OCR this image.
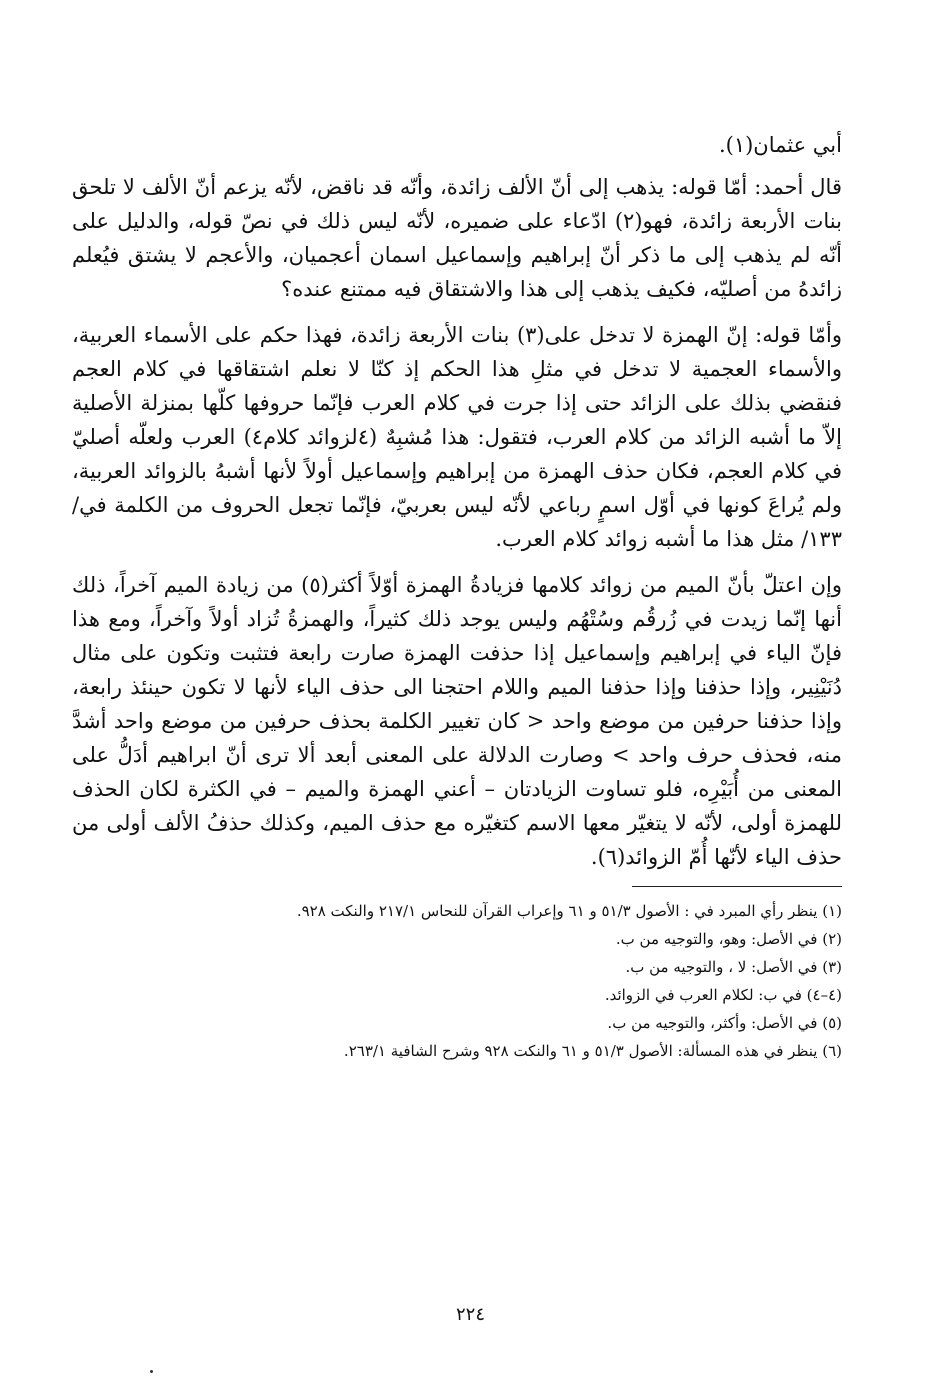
أبي عثمان(١).

قال أحمد: أمّا قوله: يذهب إلى أنّ الألف زائدة، وأنّه قد ناقض، لأنّه يزعم أنّ الألف لا تلحق بنات الأربعة زائدة، فهو(٢) ادّعاء على ضميره، لأنّه ليس ذلك في نصّ قوله، والدليل على أنّه لم يذهب إلى ما ذكر أنّ إبراهيم وإسماعيل اسمان أعجميان، والأعجم لا يشتق فيُعلم زائدهُ من أصليّه، فكيف يذهب إلى هذا والاشتقاق فيه ممتنع عنده؟

وأمّا قوله: إنّ الهمزة لا تدخل على(٣) بنات الأربعة زائدة، فهذا حكم على الأسماء العربية، والأسماء العجمية لا تدخل في مثلِ هذا الحكم إذ كنّا لا نعلم اشتقاقها في كلام العجم فنقضي بذلك على الزائد حتى إذا جرت في كلام العرب فإنّما حروفها كلّها بمنزلة الأصلية إلاّ ما أشبه الزائد من كلام العرب، فتقول: هذا مُشبِهٌ (٤لزوائد كلام٤) العرب ولعلّه أصليّ في كلام العجم، فكان حذف الهمزة من إبراهيم وإسماعيل أولاً لأنها أشبهُ بالزوائد العربية، ولم يُراعَ كونها في أوّل اسمٍ رباعي لأنّه ليس بعربيّ، فإنّما تجعل الحروف من الكلمة في/١٣٣/ مثل هذا ما أشبه زوائد كلام العرب.

وإن اعتلّ بأنّ الميم من زوائد كلامها فزيادةُ الهمزة أوّلاً أكثر(٥) من زيادة الميم آخراً، ذلك أنها إنّما زيدت في زُرقُم وسُتْهُم وليس يوجد ذلك كثيراً، والهمزةُ تُزاد أولاً وآخراً، ومع هذا فإنّ الياء في إبراهيم وإسماعيل إذا حذفت الهمزة صارت رابعة فتثبت وتكون على مثال دُنَيْنِير، وإذا حذفنا وإذا حذفنا الميم واللام احتجنا الى حذف الياء لأنها لا تكون حينئذ رابعة، وإذا حذفنا حرفين من موضع واحد < كان تغيير الكلمة بحذف حرفين من موضع واحد أشدَّ منه، فحذف حرف واحد > وصارت الدلالة على المعنى أبعد ألا ترى أنّ ابراهيم أدَلُّ على المعنى من أُبَيْرِه، فلو تساوت الزيادتان – أعني الهمزة والميم – في الكثرة لكان الحذف للهمزة أولى، لأنّه لا يتغيّر معها الاسم كتغيّره مع حذف الميم، وكذلك حذفُ الألف أولى من حذف الياء لأنّها أُمّ الزوائد(٦).

(١) ينظر رأي المبرد في : الأصول ٥١/٣ و ٦١ وإعراب القرآن للنحاس ٢١٧/١ والنكت ٩٢٨.
(٢) في الأصل: وهو، والتوجيه من ب.
(٣) في الأصل: لا ، والتوجيه من ب.
(٤–٤) في ب: لكلام العرب في الزوائد.
(٥) في الأصل: وأكثر، والتوجيه من ب.
(٦) ينظر في هذه المسألة: الأصول ٥١/٣ و ٦١ والنكت ٩٢٨ وشرح الشافية ٢٦٣/١.
٢٢٤
